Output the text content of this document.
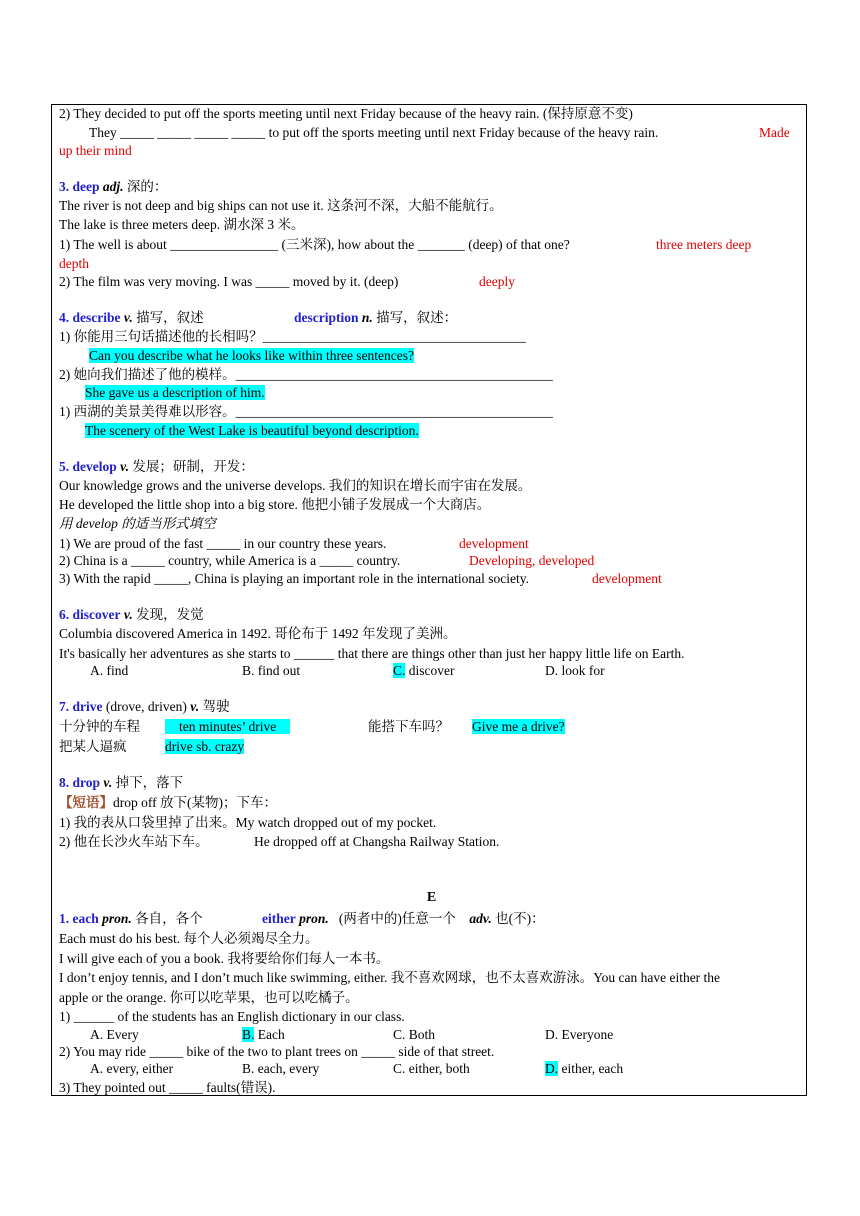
2) They decided to put off the sports meeting until next Friday because of the heavy rain. (保持原意不变)
They _____ _____ _____ _____ to put off the sports meeting until next Friday because of the heavy rain.	Made
up their mind
3. deep adj. 深的：
The river is not deep and big ships can not use it. 这条河不深，大船不能航行。
The lake is three meters deep. 湖水深 3 米。
1) The well is about ________________ (三米深), how about the _______ (deep) of that one?	three meters deep
depth
2) The film was very moving. I was _____ moved by it. (deep)	deeply
4. describe v. 描写，叙述	description n. 描写，叙述：
1) 你能用三句话描述他的长相吗？_______________________________________
Can you describe what he looks like within three sentences?
2) 她向我们描述了他的模样。_______________________________________________
She gave us a description of him.
1) 西湖的美景美得难以形容。_______________________________________________
The scenery of the West Lake is beautiful beyond description.
5. develop v. 发展；研制，开发：
Our knowledge grows and the universe develops. 我们的知识在增长而宇宙在发展。
He developed the little shop into a big store. 他把小铺子发展成一个大商店。
用 develop 的适当形式填空
1) We are proud of the fast _____ in our country these years.	development
2) China is a _____ country, while America is a _____ country.	Developing, developed
3) With the rapid _____, China is playing an important role in the international society.	development
6. discover v. 发现，发觉
Columbia discovered America in 1492. 哥伦布于 1492 年发现了美洲。
It's basically her adventures as she starts to ______ that there are things other than just her happy little life on Earth.
A. find	B. find out	C. discover	D. look for
7. drive (drove, driven) v. 驾驶
十分钟的车程	ten minutes’ drive	能搭下车吗？ Give me a drive?
把某人逼疯	drive sb. crazy
8. drop v. 掉下，落下
【短语】drop off 放下(某物)；下车：
1) 我的表从口袋里掉了出来。My watch dropped out of my pocket.
2) 他在长沙火车站下车。	He dropped off at Changsha Railway Station.
E
1. each pron. 各自，各个	either pron. (两者中的)任意一个 adv. 也(不)：
Each must do his best. 每个人必须竭尽全力。
I will give each of you a book. 我将要给你们每人一本书。
I don’t enjoy tennis, and I don’t much like swimming, either. 我不喜欢网球，也不太喜欢游泳。You can have either the
apple or the orange. 你可以吃苹果，也可以吃橘子。
1) ______ of the students has an English dictionary in our class.
A. Every	B. Each	C. Both	D. Everyone
2) You may ride _____ bike of the two to plant trees on _____ side of that street.
A. every, either	B. each, every	C. either, both	D. either, each
3) They pointed out _____ faults(错误).
